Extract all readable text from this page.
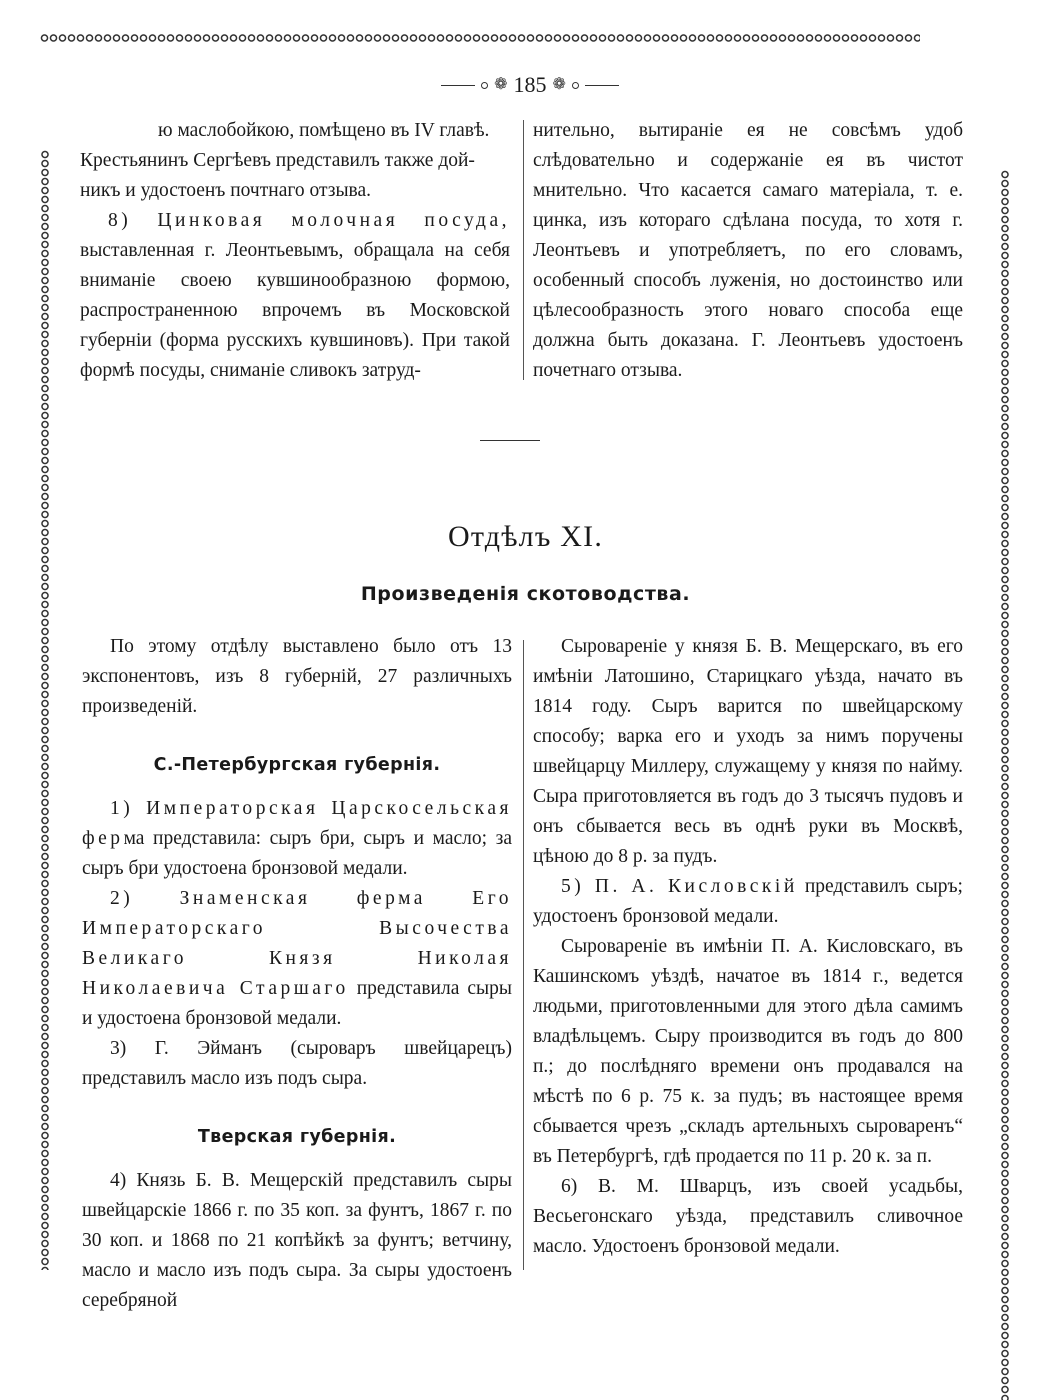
❁ 185 ❁

ю маслобойкою, помѣщено въ IV главѣ.

Крестьянинъ Сергѣевъ представилъ также дой-

никъ и удостоенъ почтнаго отзыва.

8) Цинковая молочная посуда, выставленная г. Леонтьевымъ, обращала на себя вниманіе своею кувшинообразною формою, распространенною впрочемъ въ Московской губерніи (форма русскихъ кувшиновъ). При такой формѣ посуды, сниманіе сливокъ затруд-

нительно, вытираніе ея не совсѣмъ удоб слѣдовательно и содержаніе ея въ чистот мнительно. Что касается самаго матеріала, т. е. цинка, изъ котораго сдѣлана посуда, то хотя г. Леонтьевъ и употребляетъ, по его словамъ, особенный способъ луженія, но достоинство или цѣлесообразность этого новаго способа еще должна быть доказана. Г. Леонтьевъ удостоенъ почетнаго отзыва.

Отдѣлъ XI.
Произведенія скотоводства.

По этому отдѣлу выставлено было отъ 13 экспонентовъ, изъ 8 губерній, 27 различныхъ произведеній.

С.-Петербургская губернія.

1) Императорская Царскосельская ферма представила: сыръ бри, сыръ и масло; за сыръ бри удостоена бронзовой медали.

2) Знаменская ферма Его Императорскаго Высочества Великаго Князя Николая Николаевича Старшаго представила сыры и удостоена бронзовой медали.

3) Г. Эйманъ (сыроваръ швейцарецъ) представилъ масло изъ подъ сыра.

Тверская губернія.

4) Князь Б. В. Мещерскій представилъ сыры швейцарскіе 1866 г. по 35 коп. за фунтъ, 1867 г. по 30 коп. и 1868 по 21 копѣйкѣ за фунтъ; ветчину, масло и масло изъ подъ сыра. За сыры удостоенъ серебряной

Сыровареніе у князя Б. В. Мещерскаго, въ его имѣніи Латошино, Старицкаго уѣзда, начато въ 1814 году. Сыръ варится по швейцарскому способу; варка его и уходъ за нимъ поручены швейцарцу Миллеру, служащему у князя по найму. Сыра приготовляется въ годъ до 3 тысячъ пудовъ и онъ сбывается весь въ однѣ руки въ Москвѣ, цѣною до 8 р. за пудъ.

5) П. А. Кисловскій представилъ сыръ; удостоенъ бронзовой медали.

Сыровареніе въ имѣніи П. А. Кисловскаго, въ Кашинскомъ уѣздѣ, начатое въ 1814 г., ведется людьми, приготовленными для этого дѣла самимъ владѣльцемъ. Сыру производится въ годъ до 800 п.; до послѣдняго времени онъ продавался на мѣстѣ по 6 р. 75 к. за пудъ; въ настоящее время сбывается чрезъ „складъ артельныхъ сыроваренъ“ въ Петербургѣ, гдѣ продается по 11 р. 20 к. за п.

6) В. М. Шварцъ, изъ своей усадьбы, Весьегонскаго уѣзда, представилъ сливочное масло. Удостоенъ бронзовой медали.
